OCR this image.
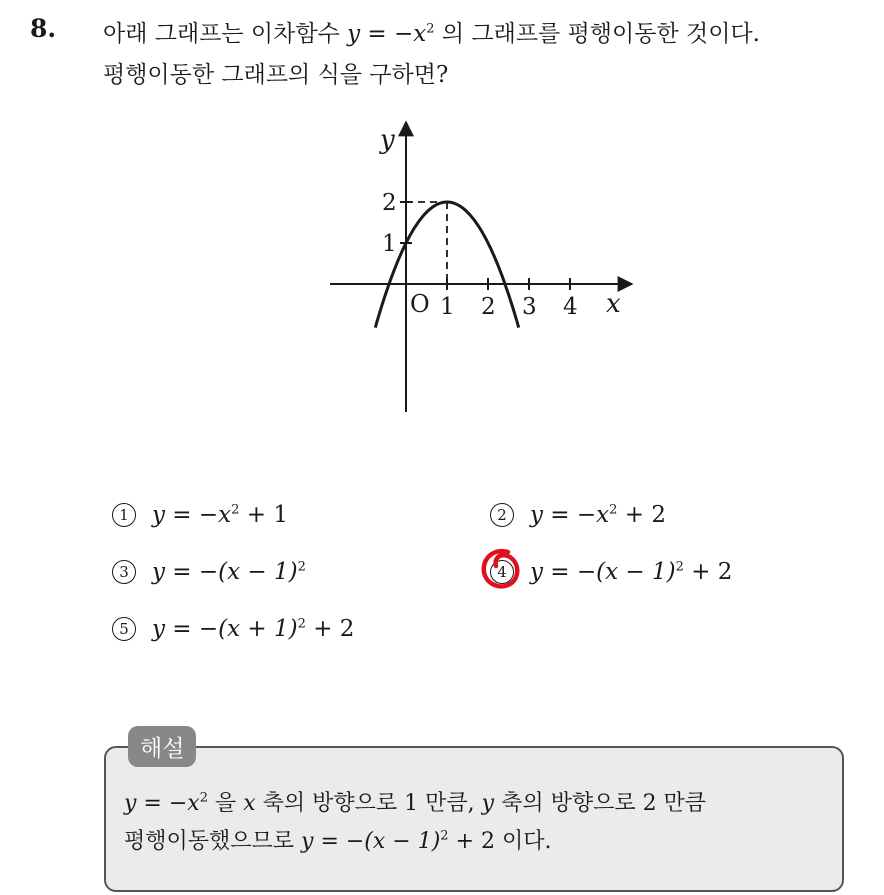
8. 아래 그래프는 이차함수 $y = -x^2$ 의 그래프를 평행이동한 것이다.
평행이동한 그래프의 식을 구하면?
1 2 3 4
2
1
y
x
O
1	$y = -x^2 + 1$	2	$y = -x^2 + 2$
3	$y = -(x - 1)^2$	4	$y = -(x - 1)^2 + 2$
5	$y = -(x + 1)^2 + 2$
해설
$y = -x^2$ 을 x 축의 방향으로 1 만큼, y 축의 방향으로 2 만큼
평행이동했으므로 $y = -(x - 1)^2 + 2$ 이다.
